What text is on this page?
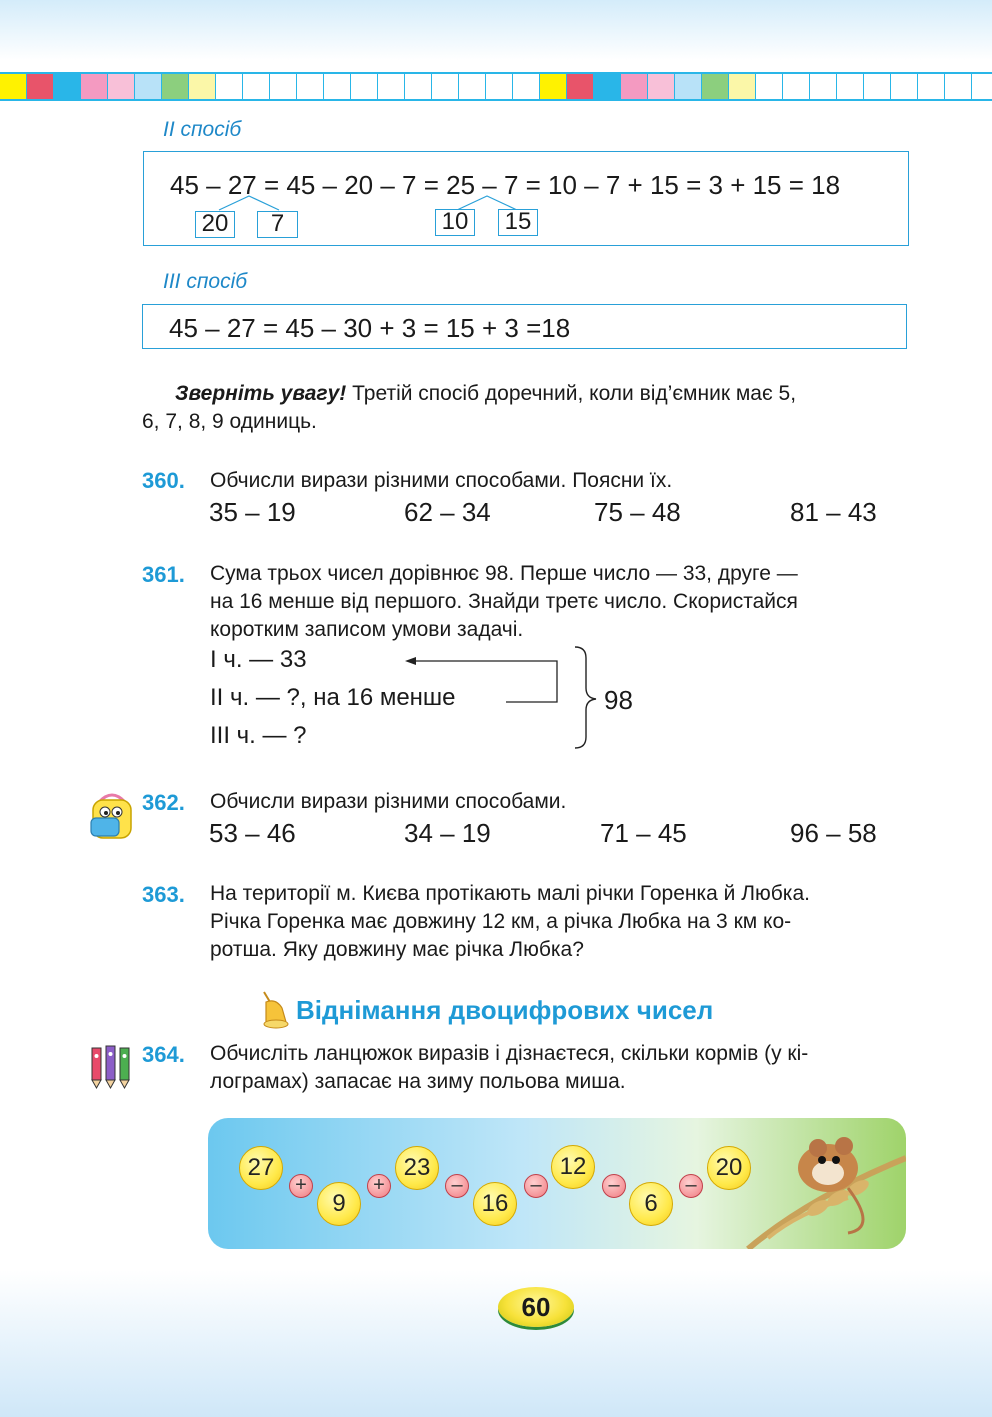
ІІ спосіб
45 – 27 = 45 – 20 – 7 = 25 – 7 = 10 – 7 + 15 = 3 + 15 = 18
20	7	10 15
ІІІ спосіб
45 – 27 = 45 – 30 + 3 = 15 + 3 =18
Зверніть увагу! Третій спосіб доречний, коли від’ємник має 5,
6, 7, 8, 9 одиниць.
360. Обчисли вирази різними способами. Поясни їх.
35 – 19	62 – 34	75 – 48	81 – 43
361. Сума трьох чисел дорівнює 98. Перше число — 33, друге —
на 16 менше від першого. Знайди третє число. Скористайся
коротким записом умови задачі.
І ч. — 33
ІІ ч. — ?, на 16 менше
ІІІ ч. — ?
98
362. Обчисли вирази різними способами.
53 – 46	34 – 19	71 – 45	96 – 58
363. На території м. Києва протікають малі річки Горенка й Любка.
Річка Горенка має довжину 12 км, а річка Любка на 3 км ко-
ротша. Яку довжину має річка Любка?
Віднімання двоцифрових чисел
364. Обчисліть ланцюжок виразів і дізнаєтеся, скільки кормів (у кі-
лограмах) запасає на зиму польова миша.
27
+
9
+
23
–
16
–
12
–
6
–
20
60
